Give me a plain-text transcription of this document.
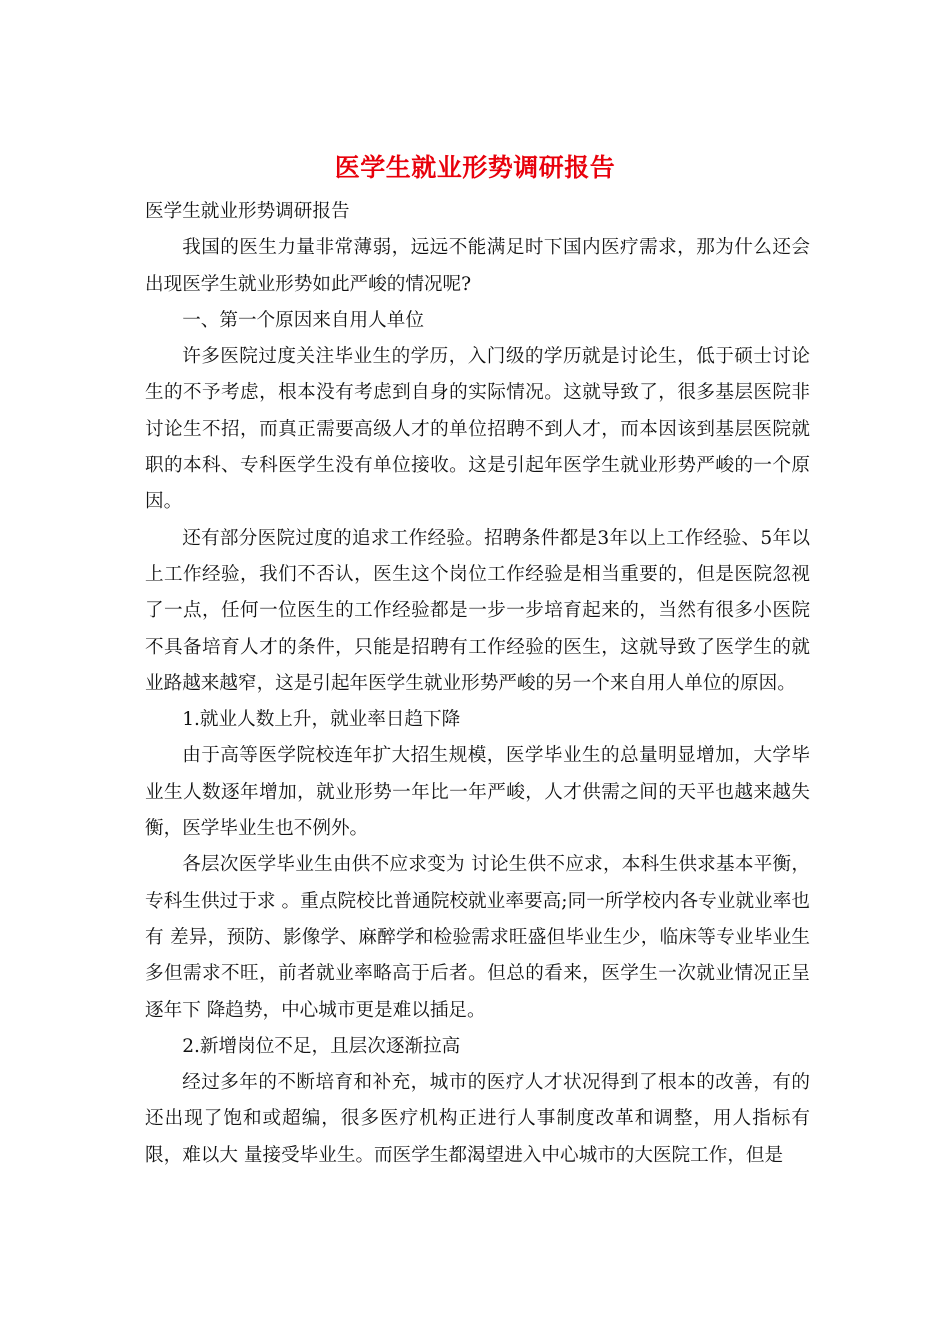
医学生就业形势调研报告

医学生就业形势调研报告

我国的医生力量非常薄弱，远远不能满足时下国内医疗需求，那为什么还会出现医学生就业形势如此严峻的情况呢?

一、第一个原因来自用人单位

许多医院过度关注毕业生的学历，入门级的学历就是讨论生，低于硕士讨论生的不予考虑，根本没有考虑到自身的实际情况。这就导致了，很多基层医院非讨论生不招，而真正需要高级人才的单位招聘不到人才，而本因该到基层医院就职的本科、专科医学生没有单位接收。这是引起年医学生就业形势严峻的一个原因。

还有部分医院过度的追求工作经验。招聘条件都是3年以上工作经验、5年以上工作经验，我们不否认，医生这个岗位工作经验是相当重要的，但是医院忽视了一点，任何一位医生的工作经验都是一步一步培育起来的，当然有很多小医院不具备培育人才的条件，只能是招聘有工作经验的医生，这就导致了医学生的就业路越来越窄，这是引起年医学生就业形势严峻的另一个来自用人单位的原因。

1.就业人数上升，就业率日趋下降

由于高等医学院校连年扩大招生规模，医学毕业生的总量明显增加，大学毕业生人数逐年增加，就业形势一年比一年严峻，人才供需之间的天平也越来越失衡，医学毕业生也不例外。

各层次医学毕业生由供不应求变为 讨论生供不应求，本科生供求基本平衡，专科生供过于求 。重点院校比普通院校就业率要高;同一所学校内各专业就业率也有 差异，预防、影像学、麻醉学和检验需求旺盛但毕业生少，临床等专业毕业生多但需求不旺，前者就业率略高于后者。但总的看来，医学生一次就业情况正呈逐年下 降趋势，中心城市更是难以插足。

2.新增岗位不足，且层次逐渐拉高

经过多年的不断培育和补充，城市的医疗人才状况得到了根本的改善，有的还出现了饱和或超编，很多医疗机构正进行人事制度改革和调整，用人指标有限，难以大 量接受毕业生。而医学生都渴望进入中心城市的大医院工作，但是
